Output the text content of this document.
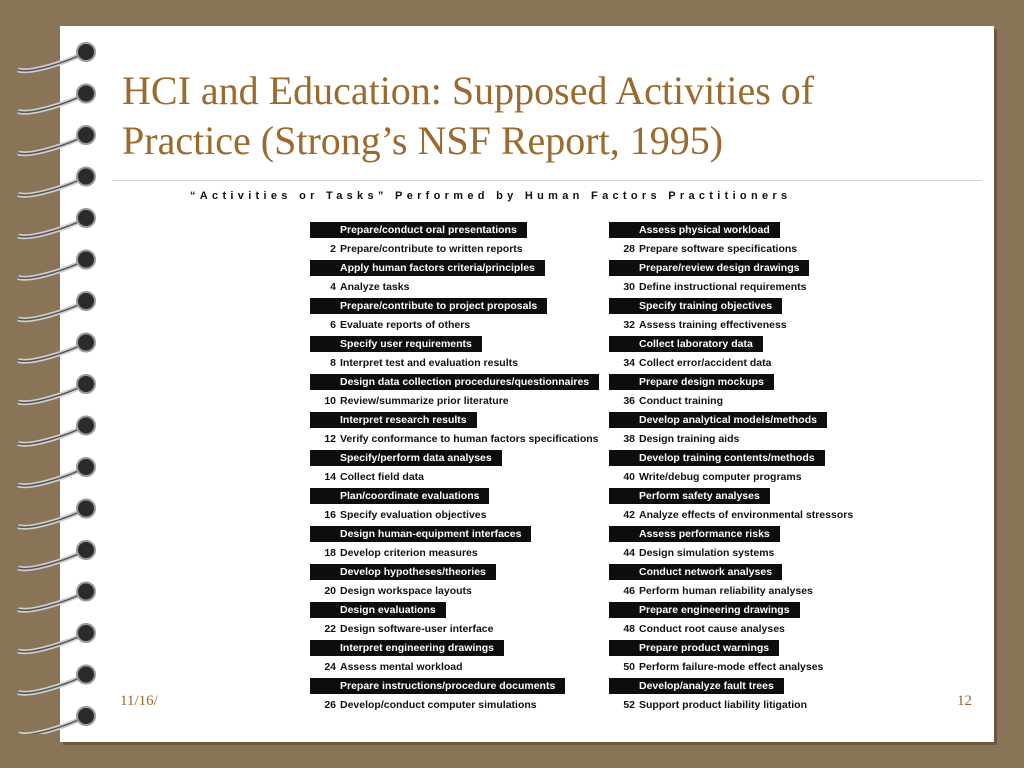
HCI and Education: Supposed Activities of
Practice (Strong’s NSF Report, 1995)
“Activities or Tasks” Performed by Human Factors Practitioners
Prepare/conduct oral presentations
2 Prepare/contribute to written reports
Apply human factors criteria/principles
4 Analyze tasks
Prepare/contribute to project proposals
6 Evaluate reports of others
Specify user requirements
8 Interpret test and evaluation results
Design data collection procedures/questionnaires
10 Review/summarize prior literature
Interpret research results
12 Verify conformance to human factors specifications
Specify/perform data analyses
14 Collect field data
Plan/coordinate evaluations
16 Specify evaluation objectives
Design human-equipment interfaces
18 Develop criterion measures
Develop hypotheses/theories
20 Design workspace layouts
Design evaluations
22 Design software-user interface
Interpret engineering drawings
24 Assess mental workload
Prepare instructions/procedure documents
26 Develop/conduct computer simulations
Assess physical workload
28 Prepare software specifications
Prepare/review design drawings
30 Define instructional requirements
Specify training objectives
32 Assess training effectiveness
Collect laboratory data
34 Collect error/accident data
Prepare design mockups
36 Conduct training
Develop analytical models/methods
38 Design training aids
Develop training contents/methods
40 Write/debug computer programs
Perform safety analyses
42 Analyze effects of environmental stressors
Assess performance risks
44 Design simulation systems
Conduct network analyses
46 Perform human reliability analyses
Prepare engineering drawings
48 Conduct root cause analyses
Prepare product warnings
50 Perform failure-mode effect analyses
Develop/analyze fault trees
52 Support product liability litigation
11/16/	12
